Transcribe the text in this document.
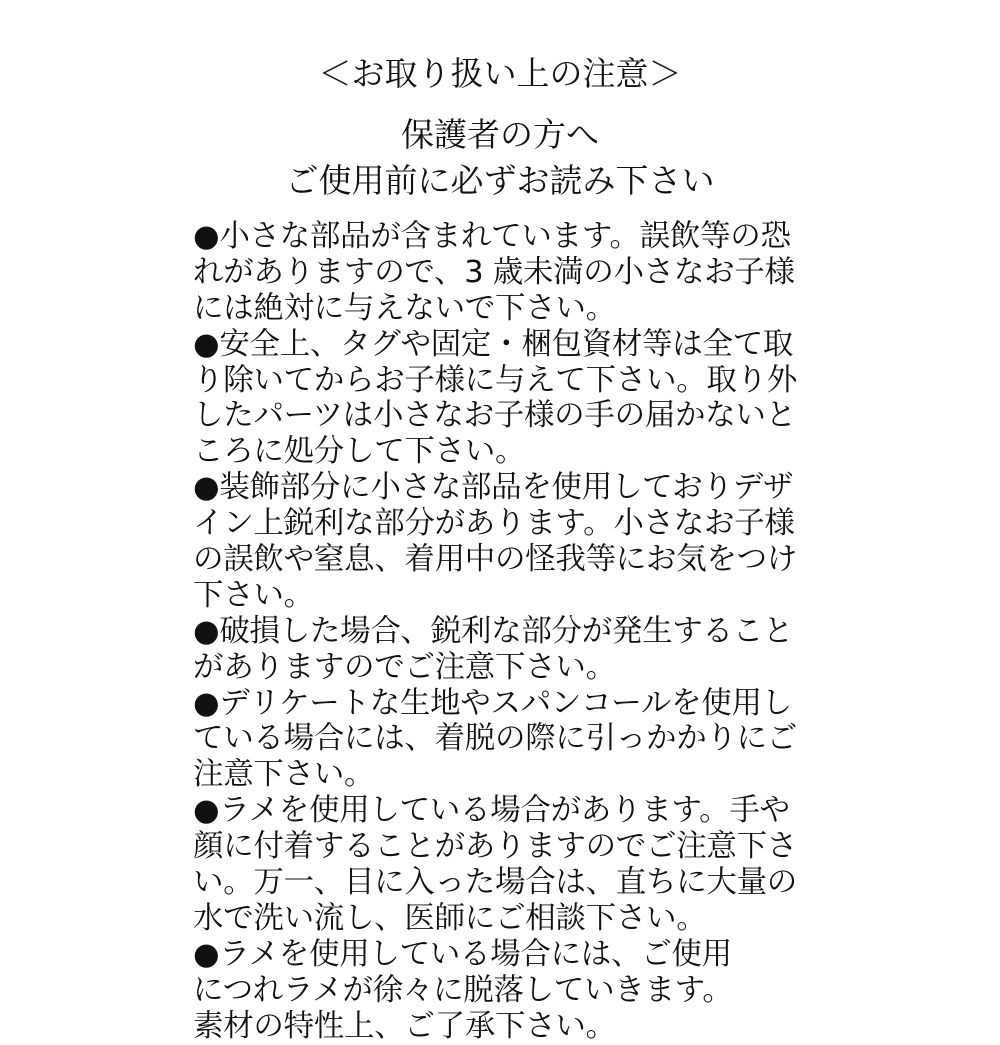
＜お取り扱い上の注意＞
保護者の方へ
ご使用前に必ずお読み下さい
●小さな部品が含まれています。誤飲等の恐
れがありますので、3 歳未満の小さなお子様
には絶対に与えないで下さい。
●安全上、タグや固定・梱包資材等は全て取
り除いてからお子様に与えて下さい。取り外
したパーツは小さなお子様の手の届かないと
ころに処分して下さい。
●装飾部分に小さな部品を使用しておりデザ
イン上鋭利な部分があります。小さなお子様
の誤飲や窒息、着用中の怪我等にお気をつけ
下さい。
●破損した場合、鋭利な部分が発生すること
がありますのでご注意下さい。
●デリケートな生地やスパンコールを使用し
ている場合には、着脱の際に引っかかりにご
注意下さい。
●ラメを使用している場合があります。手や
顔に付着することがありますのでご注意下さ
い。万一、目に入った場合は、直ちに大量の
水で洗い流し、医師にご相談下さい。
●ラメを使用している場合には、ご使用
につれラメが徐々に脱落していきます。
素材の特性上、ご了承下さい。
